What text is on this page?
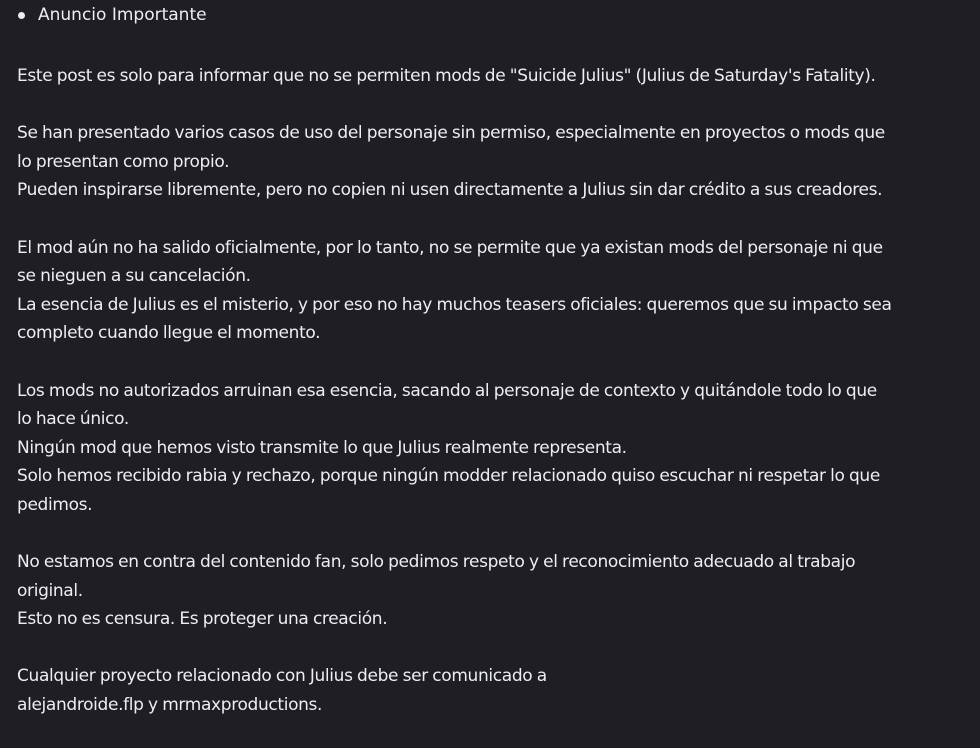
Anuncio Importante

Este post es solo para informar que no se permiten mods de "Suicide Julius" (Julius de Saturday's Fatality).

Se han presentado varios casos de uso del personaje sin permiso, especialmente en proyectos o mods que
lo presentan como propio.
Pueden inspirarse libremente, pero no copien ni usen directamente a Julius sin dar crédito a sus creadores.

El mod aún no ha salido oficialmente, por lo tanto, no se permite que ya existan mods del personaje ni que
se nieguen a su cancelación.
La esencia de Julius es el misterio, y por eso no hay muchos teasers oficiales: queremos que su impacto sea
completo cuando llegue el momento.

Los mods no autorizados arruinan esa esencia, sacando al personaje de contexto y quitándole todo lo que
lo hace único.
Ningún mod que hemos visto transmite lo que Julius realmente representa.
Solo hemos recibido rabia y rechazo, porque ningún modder relacionado quiso escuchar ni respetar lo que
pedimos.

No estamos en contra del contenido fan, solo pedimos respeto y el reconocimiento adecuado al trabajo
original.
Esto no es censura. Es proteger una creación.

Cualquier proyecto relacionado con Julius debe ser comunicado a
alejandroide.flp y mrmaxproductions.
